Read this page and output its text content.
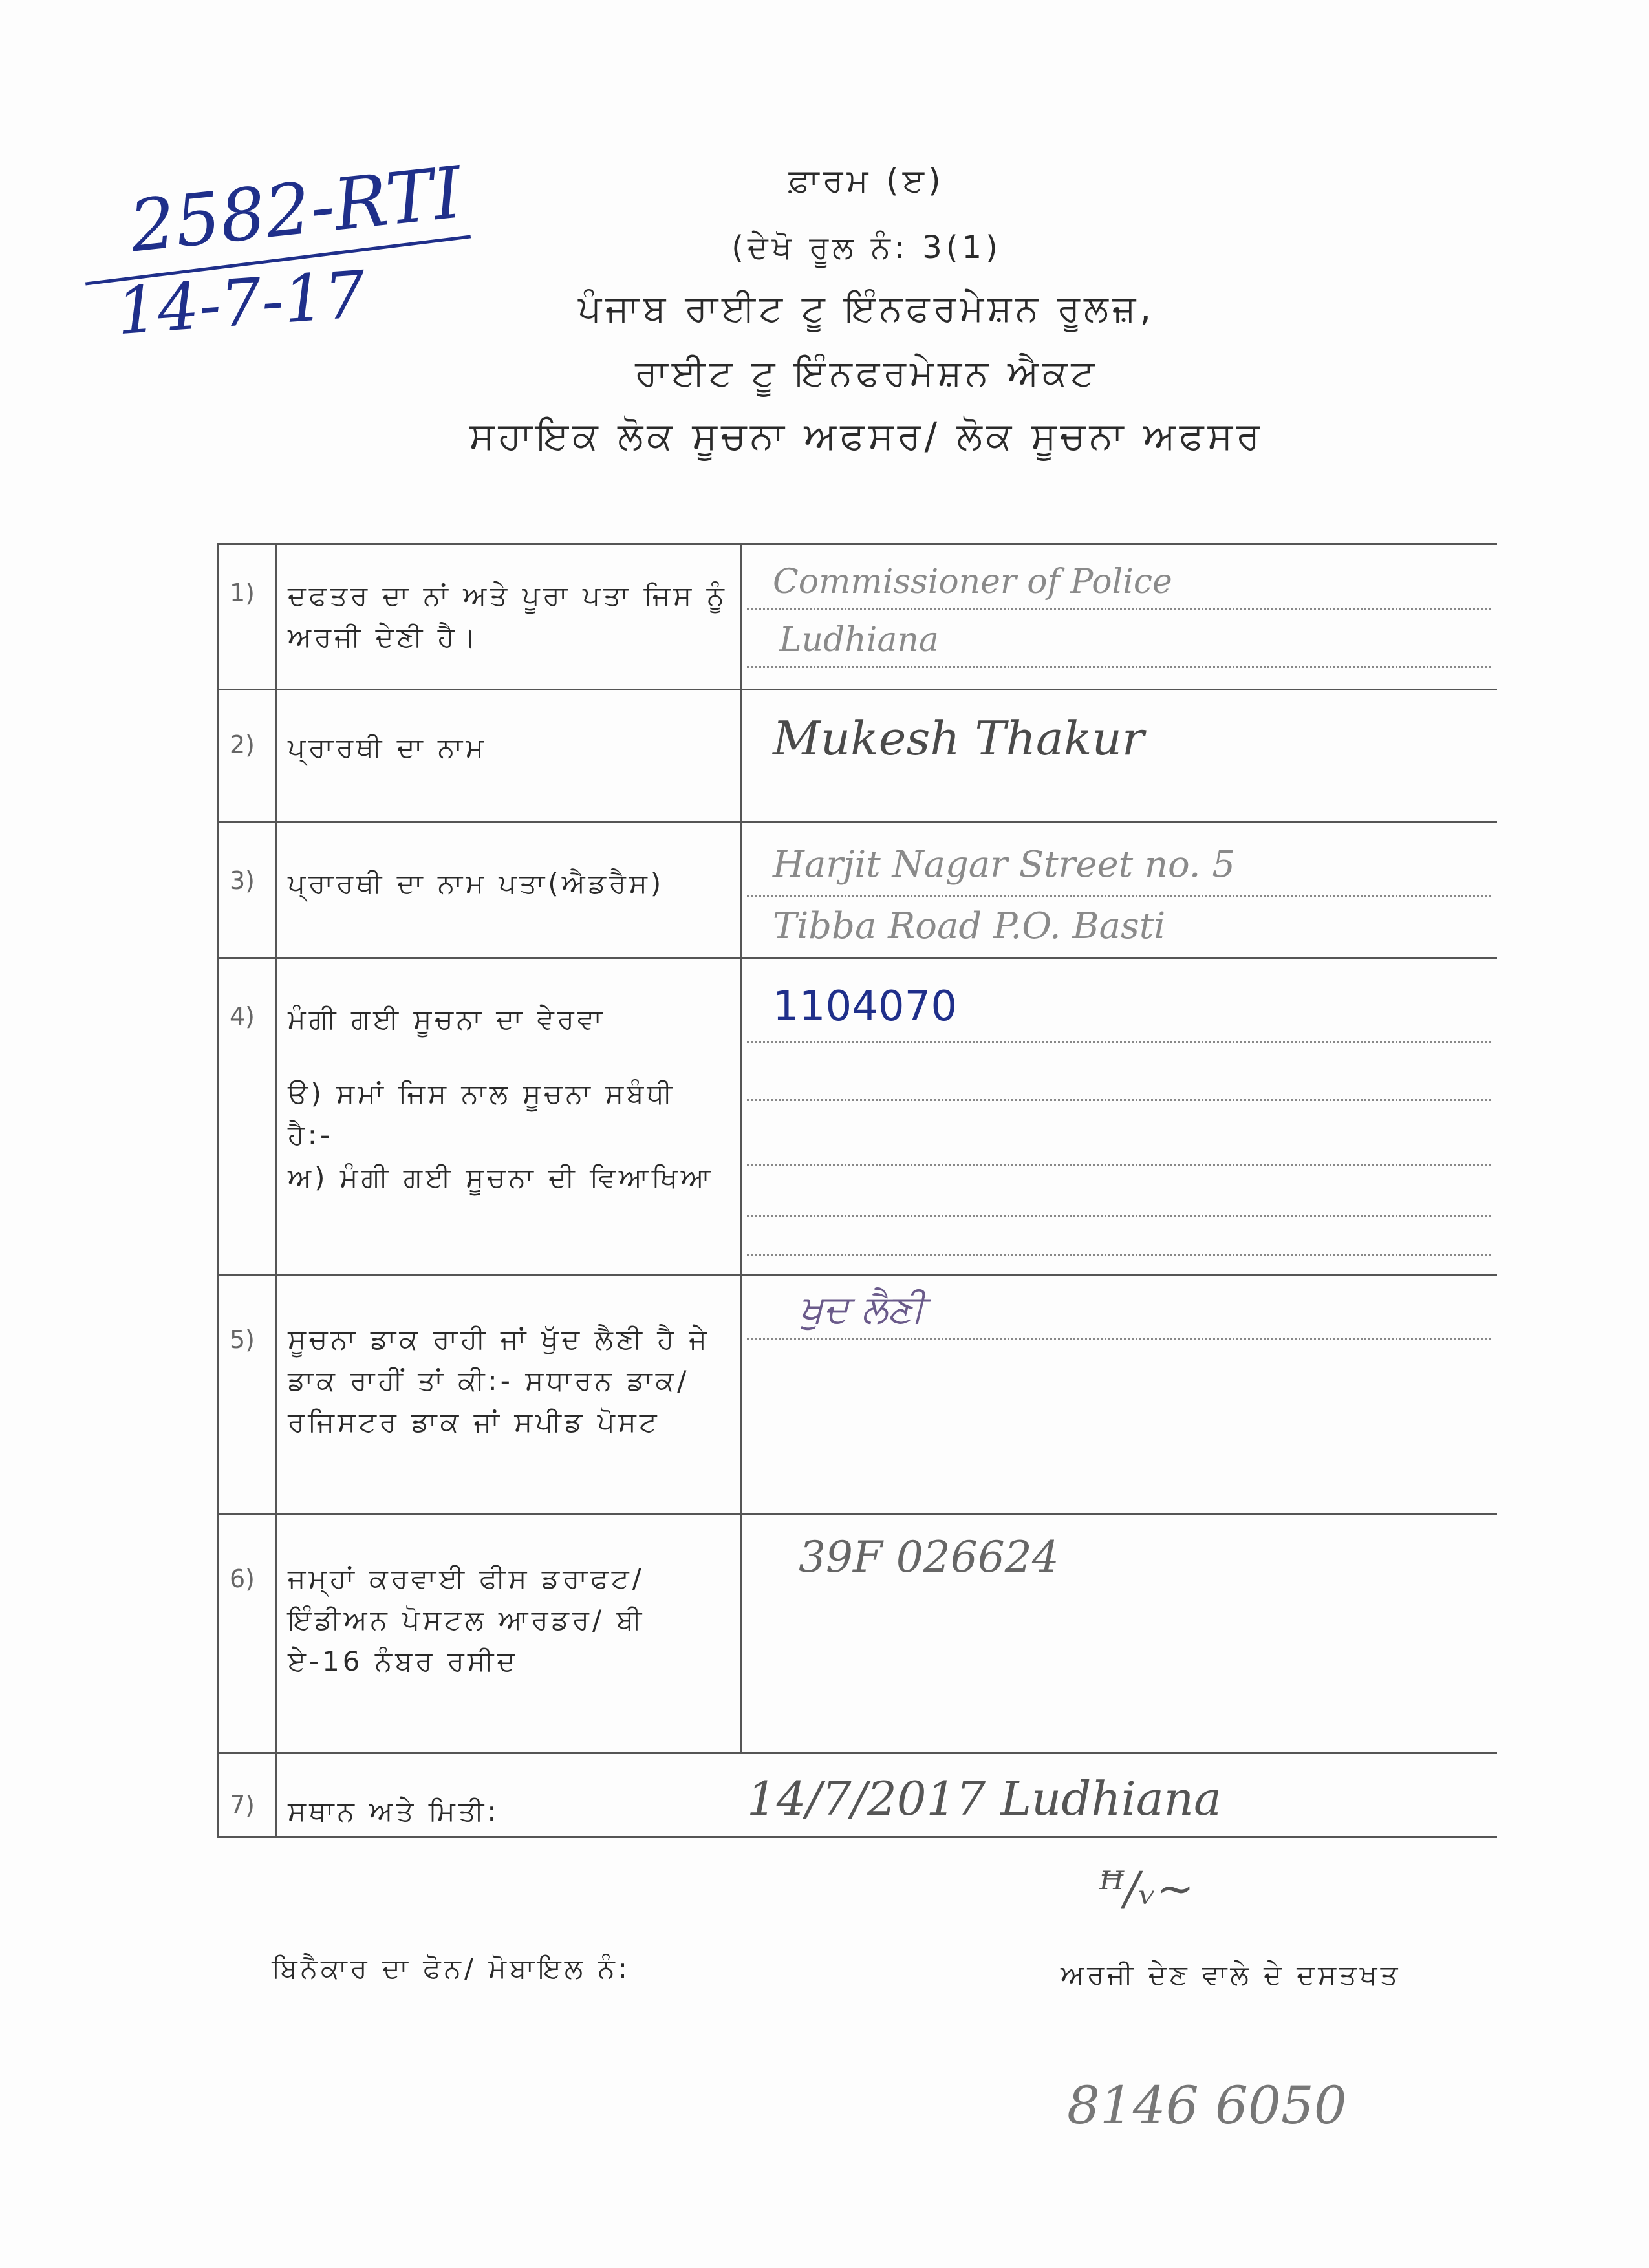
2582-RTI
14-7-17
ਫ਼ਾਰਮ (ੲ)
(ਦੇਖੋ ਰੂਲ ਨੰ: 3(1)
ਪੰਜਾਬ ਰਾਈਟ ਟੂ ਇੰਨਫਰਮੇਸ਼ਨ ਰੂਲਜ਼,
ਰਾਈਟ ਟੂ ਇੰਨਫਰਮੇਸ਼ਨ ਐਕਟ
ਸਹਾਇਕ ਲੋਕ ਸੂਚਨਾ ਅਫਸਰ/ ਲੋਕ ਸੂਚਨਾ ਅਫਸਰ
1) ਦਫਤਰ ਦਾ ਨਾਂ ਅਤੇ ਪੂਰਾ ਪਤਾ ਜਿਸ ਨੂੰ ਅਰਜੀ ਦੇਣੀ ਹੈ।
Commissioner of Police
Ludhiana
2) ਪ੍ਰਾਰਥੀ ਦਾ ਨਾਮ	Mukesh Thakur
3) ਪ੍ਰਾਰਥੀ ਦਾ ਨਾਮ ਪਤਾ(ਐਡਰੈਸ)	Harjit Nagar Street no. 5
Tibba Road P.O. Basti
4) ਮੰਗੀ ਗਈ ਸੂਚਨਾ ਦਾ ਵੇਰਵਾ
ੳ) ਸਮਾਂ ਜਿਸ ਨਾਲ ਸੂਚਨਾ ਸਬੰਧੀ ਹੈ:-
ਅ) ਮੰਗੀ ਗਈ ਸੂਚਨਾ ਦੀ ਵਿਆਖਿਆ
1104070
5) ਸੂਚਨਾ ਡਾਕ ਰਾਹੀ ਜਾਂ ਖੁੱਦ ਲੈਣੀ ਹੈ ਜੇ ਡਾਕ ਰਾਹੀਂ ਤਾਂ ਕੀ:- ਸਧਾਰਨ ਡਾਕ/ ਰਜਿਸਟਰ ਡਾਕ ਜਾਂ ਸਪੀਡ ਪੋਸਟ
ਖੁਦ ਲੈਣੀ
6) ਜਮ੍ਹਾਂ ਕਰਵਾਈ ਫੀਸ ਡਰਾਫਟ/ ਇੰਡੀਅਨ ਪੋਸਟਲ ਆਰਡਰ/ ਬੀ ਏ-16 ਨੰਬਰ ਰਸੀਦ
39F 026624
7) ਸਥਾਨ ਅਤੇ ਮਿਤੀ:	14/7/2017 Ludhiana
ꟸ/ᵥ~
ਬਿਨੈਕਾਰ ਦਾ ਫੋਨ/ ਮੋਬਾਇਲ ਨੰ:	ਅਰਜੀ ਦੇਣ ਵਾਲੇ ਦੇ ਦਸਤਖਤ
8146 6050
